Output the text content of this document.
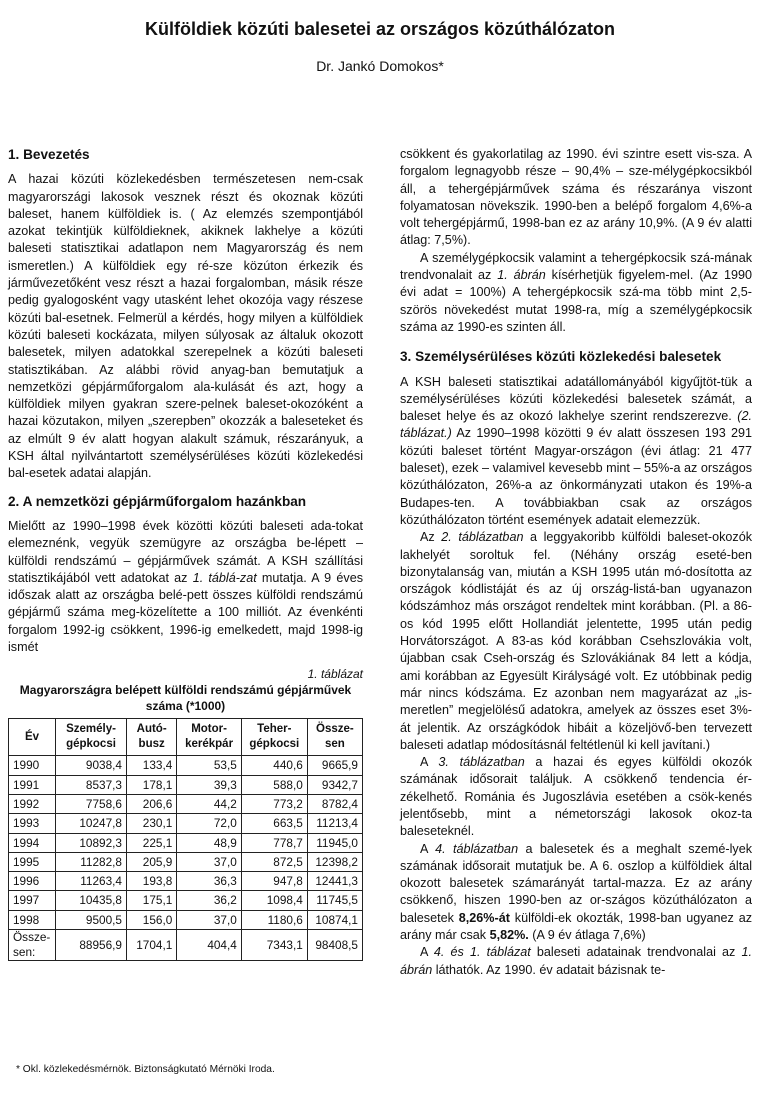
Külföldiek közúti balesetei az országos közúthálózaton
Dr. Jankó Domokos*
1. Bevezetés

A hazai közúti közlekedésben természetesen nem-csak magyarországi lakosok vesznek részt és okoznak közúti baleset, hanem külföldiek is. ( Az elemzés szempontjából azokat tekintjük külföldieknek, akiknek lakhelye a közúti baleseti statisztikai adatlapon nem Magyarország és nem ismeretlen.) A külföldiek egy ré-sze közúton érkezik és járművezetőként vesz részt a hazai forgalomban, másik része pedig gyalogosként vagy utasként lehet okozója vagy részese közúti bal-esetnek. Felmerül a kérdés, hogy milyen a külföldiek közúti baleseti kockázata, milyen súlyosak az általuk okozott balesetek, milyen adatokkal szerepelnek a közúti baleseti statisztikában. Az alábbi rövid anyag-ban bemutatjuk a nemzetközi gépjárműforgalom ala-kulását és azt, hogy a külföldiek milyen gyakran szere-pelnek baleset-okozóként a hazai közutakon, milyen „szerepben” okozzák a baleseteket és az elmúlt 9 év alatt hogyan alakult számuk, részarányuk, a KSH által nyilvántartott személysérüléses közúti közlekedési bal-esetek adatai alapján.

2. A nemzetközi gépjárműforgalom hazánkban

Mielőtt az 1990–1998 évek közötti közúti baleseti ada-tokat elemeznénk, vegyük szemügyre az országba be-lépett – külföldi rendszámú – gépjárművek számát. A KSH szállítási statisztikájából vett adatokat az 1. táblá-zat mutatja. A 9 éves időszak alatt az országba belé-pett összes külföldi rendszámú gépjármű száma meg-közelítette a 100 milliót. Az évenkénti forgalom 1992-ig csökkent, 1996-ig emelkedett, majd 1998-ig ismét

1. táblázat
Magyarországra belépett külföldi rendszámú gépjárművek száma (*1000)
Év	Személy-gépkocsi	Autó-busz	Motor-kerékpár	Teher-gépkocsi	Össze-sen
1990	9038,4	133,4	53,5	440,6	9665,9
1991	8537,3	178,1	39,3	588,0	9342,7
1992	7758,6	206,6	44,2	773,2	8782,4
1993	10247,8	230,1	72,0	663,5	11213,4
1994	10892,3	225,1	48,9	778,7	11945,0
1995	11282,8	205,9	37,0	872,5	12398,2
1996	11263,4	193,8	36,3	947,8	12441,3
1997	10435,8	175,1	36,2	1098,4	11745,5
1998	9500,5	156,0	37,0	1180,6	10874,1
Össze-sen:	88956,9	1704,1	404,4	7343,1	98408,5

csökkent és gyakorlatilag az 1990. évi szintre esett vis-sza. A forgalom legnagyobb része – 90,4% – sze-mélygépkocsikból áll, a tehergépjárművek száma és részaránya viszont folyamatosan növekszik. 1990-ben a belépő forgalom 4,6%-a volt tehergépjármű, 1998-ban ez az arány 10,9%. (A 9 év alatti átlag: 7,5%).

A személygépkocsik valamint a tehergépkocsik szá-mának trendvonalait az 1. ábrán kísérhetjük figyelem-mel. (Az 1990 évi adat = 100%) A tehergépkocsik szá-ma több mint 2,5-szörös növekedést mutat 1998-ra, míg a személygépkocsik száma az 1990-es szinten áll.

3. Személysérüléses közúti közlekedési balesetek

A KSH baleseti statisztikai adatállományából kigyűjtöt-tük a személysérüléses közúti közlekedési balesetek számát, a baleset helye és az okozó lakhelye szerint rendszerezve. (2. táblázat.) Az 1990–1998 közötti 9 év alatt összesen 193 291 közúti baleset történt Magyar-országon (évi átlag: 21 477 baleset), ezek – valamivel kevesebb mint – 55%-a az országos közúthálózaton, 26%-a az önkormányzati utakon és 19%-a Budapes-ten. A továbbiakban csak az országos közúthálózaton történt események adatait elemezzük.

Az 2. táblázatban a leggyakoribb külföldi baleset-okozók lakhelyét soroltuk fel. (Néhány ország eseté-ben bizonytalanság van, miután a KSH 1995 után mó-dosította az országok kódlistáját és az új ország-listá-ban ugyanazon kódszámhoz más országot rendeltek mint korábban. (Pl. a 86-os kód 1995 előtt Hollandiát jelentette, 1995 után pedig Horvátországot. A 83-as kód korábban Csehszlovákia volt, újabban csak Cseh-ország és Szlovákiának 84 lett a kódja, ami korábban az Egyesült Királyságé volt. Ez utóbbinak pedig már nincs kódszáma. Ez azonban nem magyarázat az „is-meretlen” megjelölésű adatokra, amelyek az összes eset 3%-át jelentik. Az országkódok hibáit a közeljövő-ben tervezett baleseti adatlap módosításnál feltétlenül ki kell javítani.)

A 3. táblázatban a hazai és egyes külföldi okozók számának idősorait találjuk. A csökkenő tendencia ér-zékelhető. Románia és Jugoszlávia esetében a csök-kenés jelentősebb, mint a németországi lakosok okoz-ta baleseteknél.

A 4. táblázatban a balesetek és a meghalt szemé-lyek számának idősorait mutatjuk be. A 6. oszlop a külföldiek által okozott balesetek számarányát tartal-mazza. Ez az arány csökkenő, hiszen 1990-ben az or-szágos közúthálózaton a balesetek 8,26%-át külföldi-ek okozták, 1998-ban ugyanez az arány már csak 5,82%. (A 9 év átlaga 7,6%)

A 4. és 1. táblázat baleseti adatainak trendvonalai az 1. ábrán láthatók. Az 1990. év adatait bázisnak te-

* Okl. közlekedésmérnök. Biztonságkutató Mérnöki Iroda.
